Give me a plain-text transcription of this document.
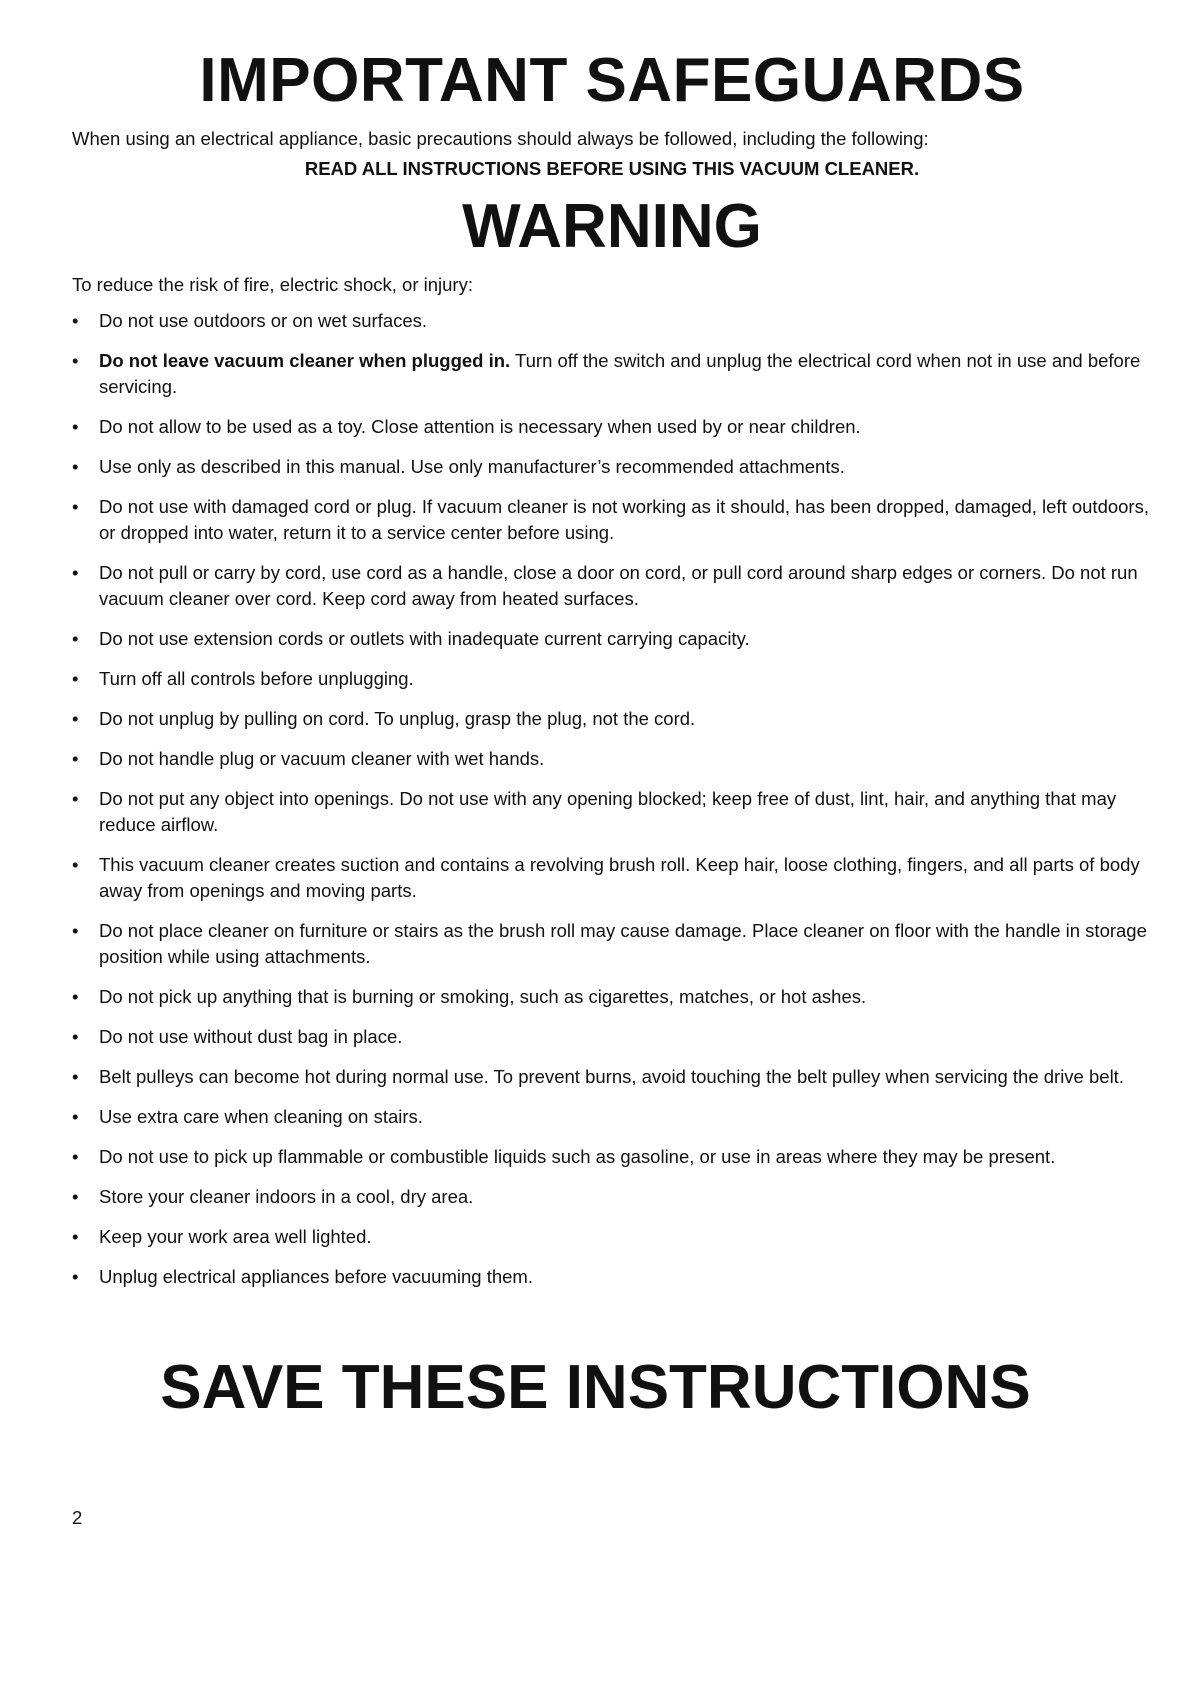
IMPORTANT SAFEGUARDS

When using an electrical appliance, basic precautions should always be followed, including the following:

READ ALL INSTRUCTIONS BEFORE USING THIS VACUUM CLEANER.

WARNING

To reduce the risk of fire, electric shock, or injury:

• Do not use outdoors or on wet surfaces.
• Do not leave vacuum cleaner when plugged in. Turn off the switch and unplug the electrical cord when not in use and before servicing.
• Do not allow to be used as a toy. Close attention is necessary when used by or near children.
• Use only as described in this manual. Use only manufacturer’s recommended attachments.
• Do not use with damaged cord or plug. If vacuum cleaner is not working as it should, has been dropped, damaged, left outdoors, or dropped into water, return it to a service center before using.
• Do not pull or carry by cord, use cord as a handle, close a door on cord, or pull cord around sharp edges or corners. Do not run vacuum cleaner over cord. Keep cord away from heated surfaces.
• Do not use extension cords or outlets with inadequate current carrying capacity.
• Turn off all controls before unplugging.
• Do not unplug by pulling on cord. To unplug, grasp the plug, not the cord.
• Do not handle plug or vacuum cleaner with wet hands.
• Do not put any object into openings. Do not use with any opening blocked; keep free of dust, lint, hair, and anything that may reduce airflow.
• This vacuum cleaner creates suction and contains a revolving brush roll. Keep hair, loose clothing, fingers, and all parts of body away from openings and moving parts.
• Do not place cleaner on furniture or stairs as the brush roll may cause damage. Place cleaner on floor with the handle in storage position while using attachments.
• Do not pick up anything that is burning or smoking, such as cigarettes, matches, or hot ashes.
• Do not use without dust bag in place.
• Belt pulleys can become hot during normal use. To prevent burns, avoid touching the belt pulley when servicing the drive belt.
• Use extra care when cleaning on stairs.
• Do not use to pick up flammable or combustible liquids such as gasoline, or use in areas where they may be present.
• Store your cleaner indoors in a cool, dry area.
• Keep your work area well lighted.
• Unplug electrical appliances before vacuuming them.
SAVE THESE INSTRUCTIONS
2
